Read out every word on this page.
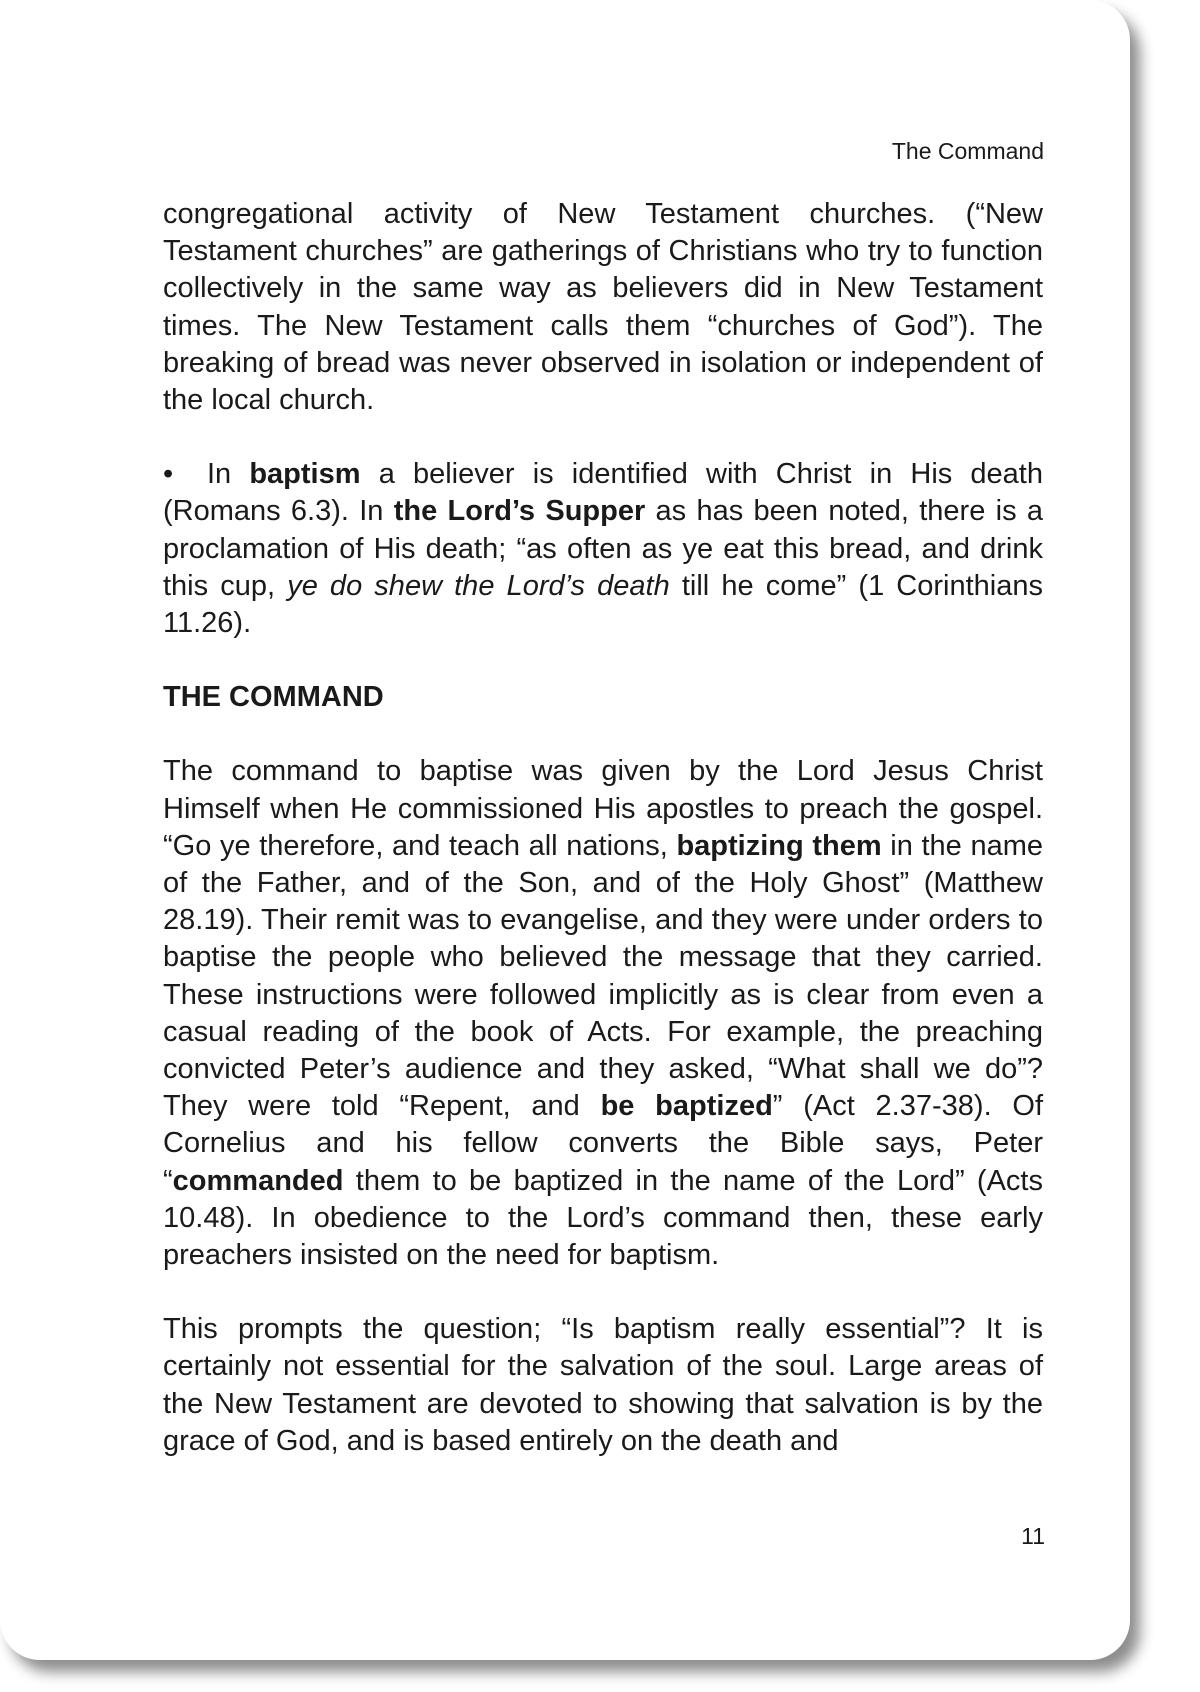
The Command

congregational activity of New Testament churches. (“New Testament churches” are gatherings of Christians who try to function collectively in the same way as believers did in New Testament times. The New Testament calls them “churches of God”). The breaking of bread was never observed in isolation or independent of the local church.

• In baptism a believer is identified with Christ in His death (Romans 6.3). In the Lord’s Supper as has been noted, there is a proclamation of His death; “as often as ye eat this bread, and drink this cup, ye do shew the Lord’s death till he come” (1 Corinthians 11.26).

THE COMMAND

The command to baptise was given by the Lord Jesus Christ Himself when He commissioned His apostles to preach the gospel. “Go ye therefore, and teach all nations, baptizing them in the name of the Father, and of the Son, and of the Holy Ghost” (Matthew 28.19). Their remit was to evangelise, and they were under orders to baptise the people who believed the message that they carried. These instructions were followed implicitly as is clear from even a casual reading of the book of Acts. For example, the preaching convicted Peter’s audience and they asked, “What shall we do”? They were told “Repent, and be baptized” (Act 2.37-38). Of Cornelius and his fellow converts the Bible says, Peter “commanded them to be baptized in the name of the Lord” (Acts 10.48). In obedience to the Lord’s command then, these early preachers insisted on the need for baptism.

This prompts the question; “Is baptism really essential”? It is certainly not essential for the salvation of the soul. Large areas of the New Testament are devoted to showing that salvation is by the grace of God, and is based entirely on the death and

11
